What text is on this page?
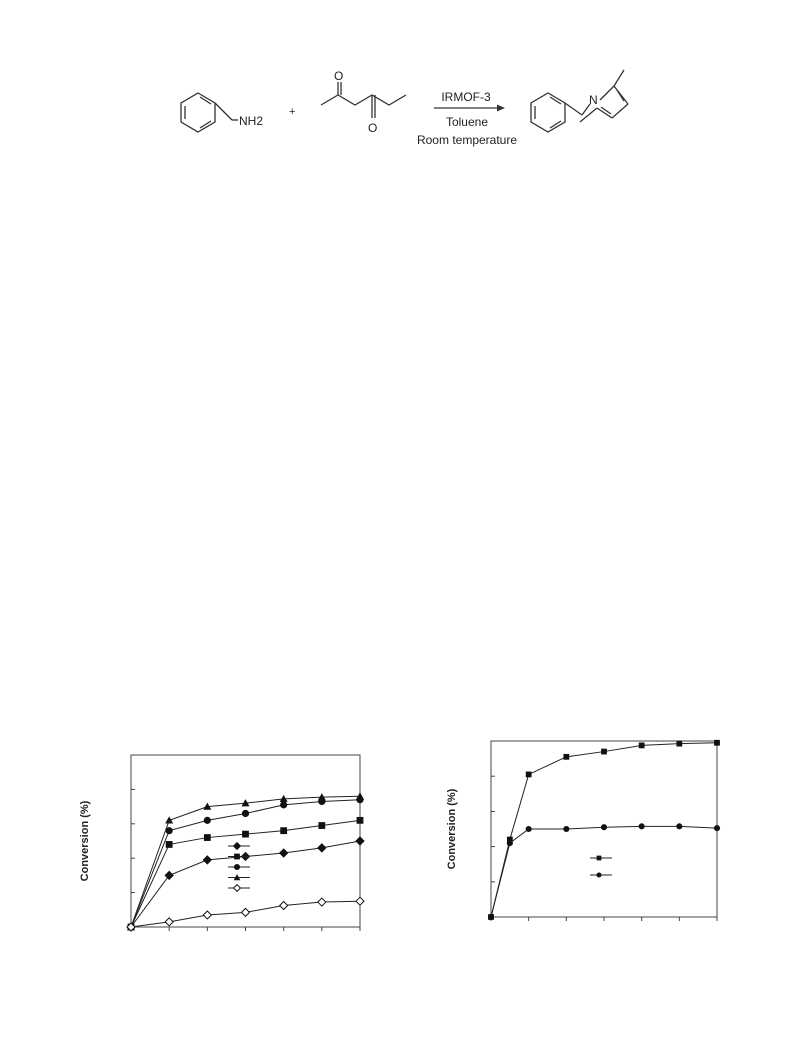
NH2
+
O
O
IRMOF-3
Toluene
Room temperature
N
Conversion (%)	Conversion (%)
